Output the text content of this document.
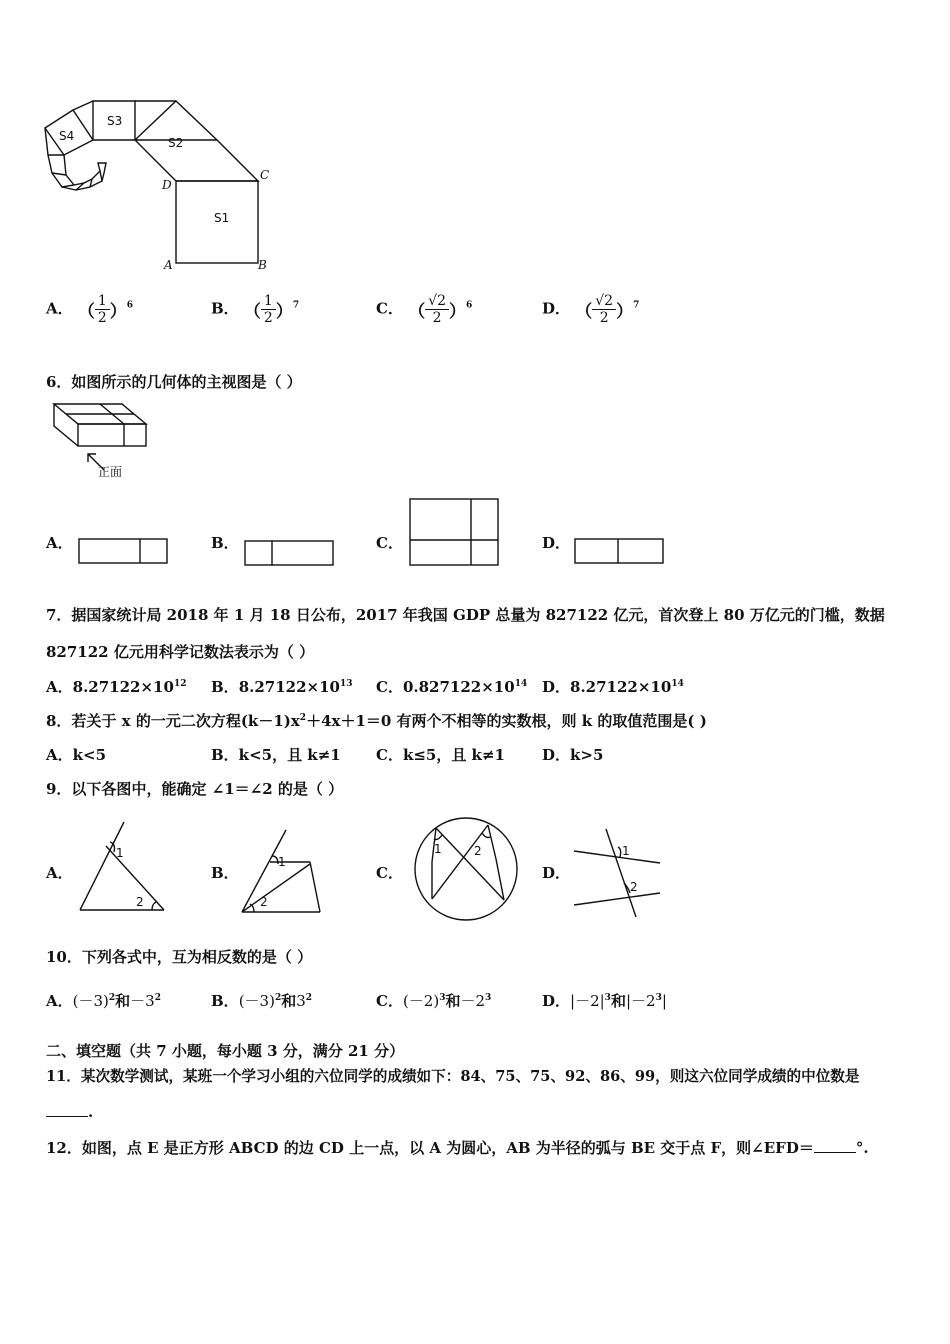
S1
S2
S3
S4
A	B
C
D
A． （ $\frac{1}{2} )^6$	B． （ $\frac{1}{2} )^7$	C． （ $\frac{√2}{2} )^6$	D． （ $\frac{√2}{2} )^7$
6．如图所示的几何体的主视图是（ ）
正面
A．	B．	C．	D．
7．据国家统计局 2018 年 1 月 18 日公布，2017 年我国 GDP 总量为 827122 亿元，首次登上 80 万亿元的门槛，数据
827122 亿元用科学记数法表示为（ ）
A．$8.27122\times 10^{12}$ B．$8.27122\times 10^{13}$ C．$0.827122\times 10^{14}$ D．$8.27122\times 10^{14}$
8．若关于 x 的一元二次方程$(k-1)x^2+4x+1=0$ 有两个不相等的实数根，则 k 的取值范围是( )
A．k<5	B．k<5，且 k≠1 C．k≤5，且 k≠1 D．k>5
9．以下各图中，能确定 ∠1＝∠2 的是（ ）
A．
1
2
B．
1
2
C．
1	2
D．
1
2
10．下列各式中，互为相反数的是（ ）
A．$(-3)^2$和$-3^2$	B．$(-3)^2$和$3^2$	C．$(-2)^3$和$-2^3$	D．$|-2|^3$和$|-2^3|$
二、填空题（共 7 小题，每小题 3 分，满分 21 分）
11．某次数学测试，某班一个学习小组的六位同学的成绩如下：84、75、75、92、86、99，则这六位同学成绩的中位数是
.
12．如图，点 E 是正方形 ABCD 的边 CD 上一点，以 A 为圆心，AB 为半径的弧与 BE 交于点 F，则∠EFD＝	°.
